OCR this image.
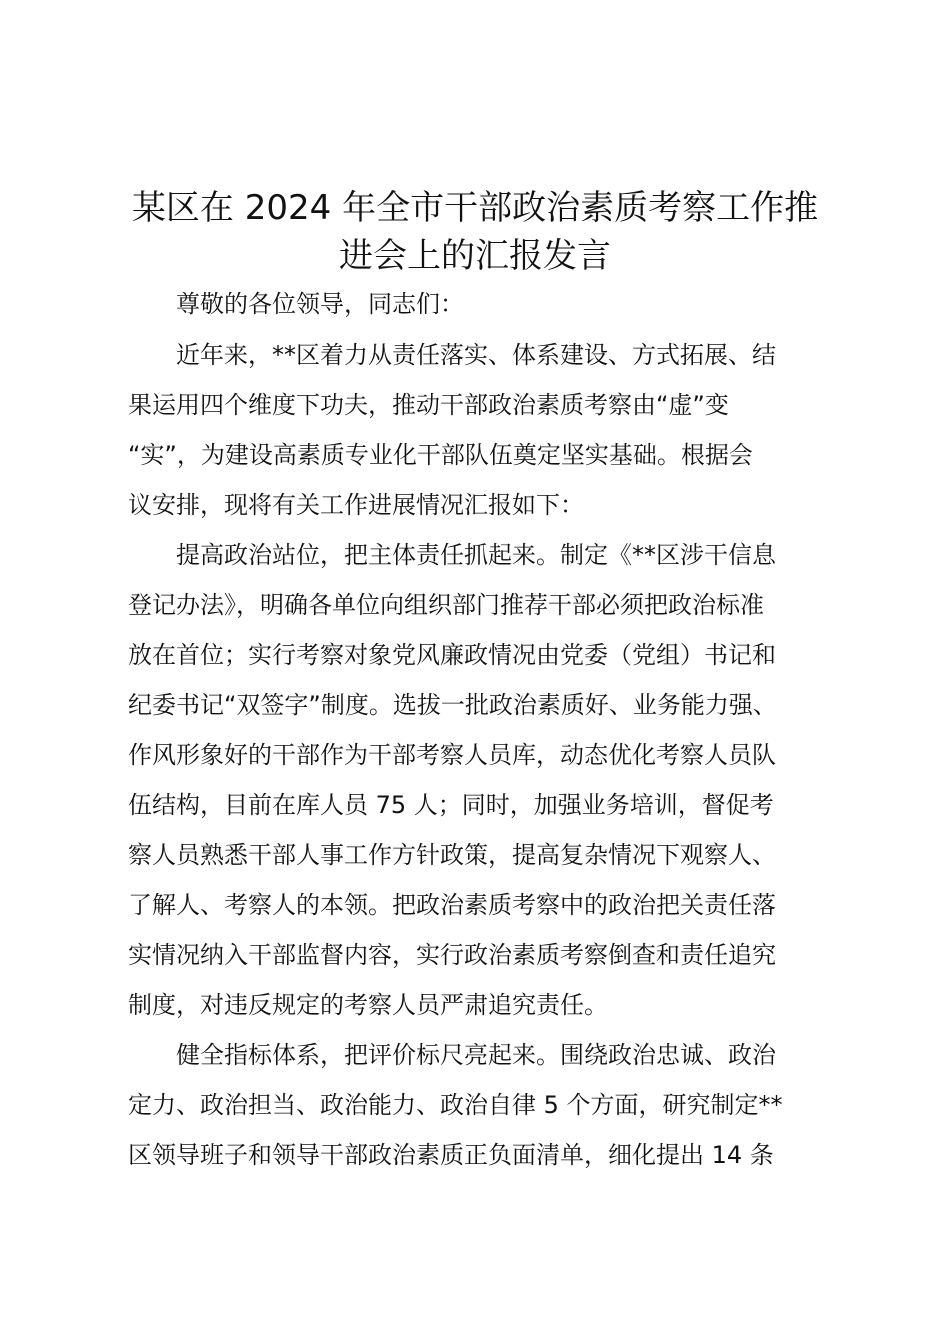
某区在 2024 年全市干部政治素质考察工作推
进会上的汇报发言
尊敬的各位领导，同志们：
近年来，**区着力从责任落实、体系建设、方式拓展、结
果运用四个维度下功夫，推动干部政治素质考察由“虚”变
“实”，为建设高素质专业化干部队伍奠定坚实基础。根据会
议安排，现将有关工作进展情况汇报如下：
提高政治站位，把主体责任抓起来。制定《**区涉干信息
登记办法》，明确各单位向组织部门推荐干部必须把政治标准
放在首位；实行考察对象党风廉政情况由党委（党组）书记和
纪委书记“双签字”制度。选拔一批政治素质好、业务能力强、
作风形象好的干部作为干部考察人员库，动态优化考察人员队
伍结构，目前在库人员 75 人；同时，加强业务培训，督促考
察人员熟悉干部人事工作方针政策，提高复杂情况下观察人、
了解人、考察人的本领。把政治素质考察中的政治把关责任落
实情况纳入干部监督内容，实行政治素质考察倒查和责任追究
制度，对违反规定的考察人员严肃追究责任。
健全指标体系，把评价标尺亮起来。围绕政治忠诚、政治
定力、政治担当、政治能力、政治自律 5 个方面，研究制定**
区领导班子和领导干部政治素质正负面清单，细化提出 14 条
